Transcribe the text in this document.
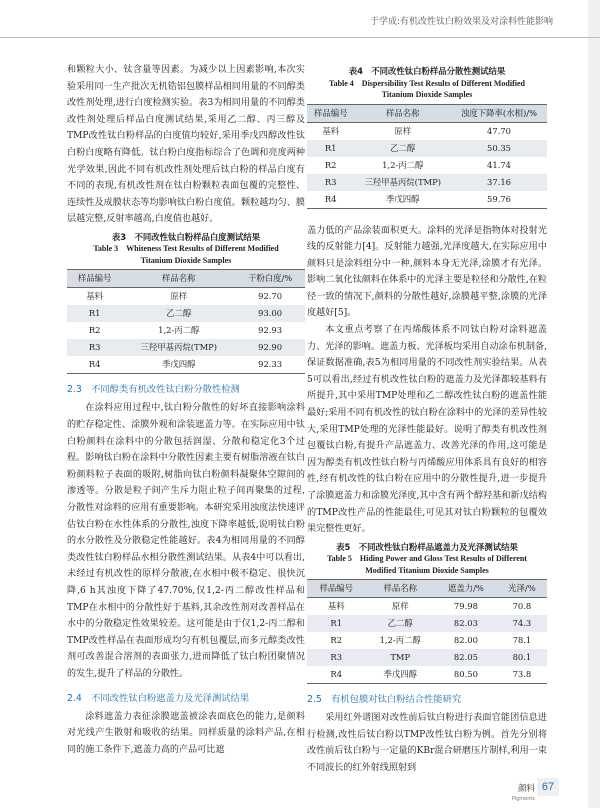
于学成:有机改性钛白粉效果及对涂料性能影响

和颗粒大小、钛含量等因素。为减少以上因素影响,本次实验采用同一生产批次无机锆铝包膜样品相同用量的不同醇类改性剂处理,进行白度检测实验。表3为相同用量的不同醇类改性剂处理后样品白度测试结果,采用乙二醇、丙三醇及TMP改性钛白粉样品的白度值均较好,采用季戊四醇改性钛白粉白度略有降低。钛白粉白度指标综合了色调和亮度两种光学效果,因此不同有机改性剂处理后钛白粉的样品白度有不同的表现,有机改性剂在钛白粉颗粒表面包覆的完整性、连续性及成膜状态等均影响钛白粉白度值。颗粒越均匀、膜层越完整,反射率越高,白度值也越好。

表3　不同改性钛白粉样品白度测试结果
Table 3　Whiteness Test Results of Different Modified
Titanium Dioxide Samples
样品编号	样品名称	干粉白度/%
基料	原样	92.70
R1	乙二醇	93.00
R2	1,2-丙二醇	92.93
R3	三羟甲基丙烷(TMP)	92.90
R4	季戊四醇	92.33
2.3　不同醇类有机改性钛白粉分散性检测

在涂料应用过程中,钛白粉分散性的好坏直接影响涂料的贮存稳定性、涂膜外观和涂装遮盖力等。在实际应用中钛白粉颜料在涂料中的分散包括润湿、分散和稳定化3个过程。影响钛白粉在涂料中分散性因素主要有树脂溶液在钛白粉颜料粒子表面的吸附,树脂向钛白粉颜料凝聚体空隙间的渗透等。分散是粒子间产生斥力阻止粒子间再聚集的过程,分散性对涂料的应用有重要影响。本研究采用浊度法快速评估钛白粉在水性体系的分散性,浊度下降率越低,说明钛白粉的水分散性及分散稳定性能越好。表4为相同用量的不同醇类改性钛白粉样品水相分散性测试结果。从表4中可以看出,未经过有机改性的原样分散液,在水相中极不稳定、很快沉降,6 h其浊度下降了47.70%,仅1,2-丙二醇改性样品和TMP在水相中的分散性好于基料,其余改性剂对改善样品在水中的分散稳定性效果较差。这可能是由于仅1,2-丙二醇和TMP改性样品在表面形成均匀有机包覆层,而多元醇类改性剂可改善混合溶剂的表面张力,进而降低了钛白粉团聚情况的发生,提升了样品的分散性。

2.4　不同改性钛白粉遮盖力及光泽测试结果

涂料遮盖力表征涂膜遮盖被涂表面底色的能力,是颜料对光线产生散射和吸收的结果。同样质量的涂料产品,在相同的施工条件下,遮盖力高的产品可比遮

表4　不同改性钛白粉样品分散性测试结果
Table 4　Dispersibility Test Results of Different Modified
Titanium Dioxide Samples
样品编号	样品名称	浊度下降率(水相)/%
基料	原样	47.70
R1	乙二醇	50.35
R2	1,2-丙二醇	41.74
R3	三羟甲基丙烷(TMP)	37.16
R4	季戊四醇	59.76

盖力低的产品涂装面积更大。涂料的光泽是指物体对投射光线的反射能力[4]。反射能力越强,光泽度越大,在实际应用中颜料只是涂料组分中一种,颜料本身无光泽,涂膜才有光泽。影响二氧化钛颜料在体系中的光泽主要是粒径和分散性,在粒径一致的情况下,颜料的分散性越好,涂膜越平整,涂膜的光泽度越好[5]。

本文重点考察了在丙烯酸体系不同钛白粉对涂料遮盖力、光泽的影响。遮盖力板、光泽板均采用自动涂布机制备,保证数据准确,表5为相同用量的不同改性剂实验结果。从表5可以看出,经过有机改性钛白粉的遮盖力及光泽都较基料有所提升,其中采用TMP处理和乙二醇改性钛白粉的遮盖性能最好;采用不同有机改性的钛白粉在涂料中的光泽的差异性较大,采用TMP处理的光泽性能最好。说明了醇类有机改性剂包覆钛白粉,有提升产品遮盖力、改善光泽的作用,这可能是因为醇类有机改性钛白粉与丙烯酸应用体系具有良好的相容性,经有机改性的钛白粉在应用中的分散性提升,进一步提升了涂膜遮盖力和涂膜光泽度,其中含有两个醇羟基和新戊结构的TMP改性产品的性能最佳,可见其对钛白粉颗粒的包覆效果完整性更好。

表5　不同改性钛白粉样品遮盖力及光泽测试结果
Table 5　Hiding Power and Gloss Test Results of Different
Modified Titanium Dioxide Samples
样品编号	样品名称	遮盖力/%	光泽/%
基料	原样	79.98	70.8
R1	乙二醇	82.03	74.3
R2	1,2-丙二醇	82.00	78.1
R3	TMP	82.05	80.1
R4	季戊四醇	80.50	73.8
2.5　有机包膜对钛白粉结合性能研究

采用红外谱图对改性前后钛白粉进行表面官能团信息进行检测,改性后钛白粉以TMP改性钛白粉为例。首先分别将改性前后钛白粉与一定量的KBr混合研磨压片制样,利用一束不同波长的红外射线照射到

颜料
Pigments
67
